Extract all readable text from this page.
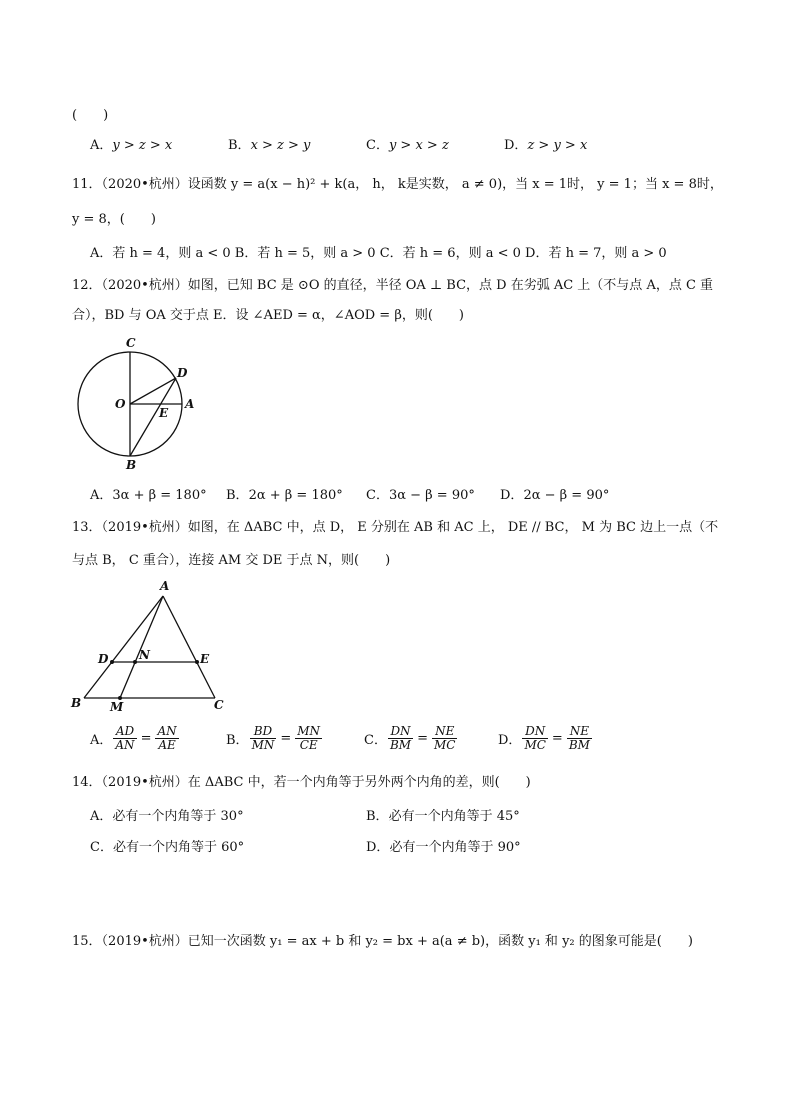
(　　)
A．y > z > x	B．x > z > y	C．y > x > z	D．z > y > x
11．（2020•杭州）设函数 y = a(x − h)² + k(a， h， k是实数， a ≠ 0)，当 x = 1时， y = 1；当 x = 8时，
y = 8，(　　)
A．若 h = 4，则 a < 0 B．若 h = 5，则 a > 0 C．若 h = 6，则 a < 0 D．若 h = 7，则 a > 0
12．（2020•杭州）如图，已知 BC 是 ⊙O 的直径，半径 OA ⊥ BC，点 D 在劣弧 AC 上（不与点 A，点 C 重
合），BD 与 OA 交于点 E．设 ∠AED = α，∠AOD = β，则(　　)
C
D
O	A
E
B
A．3α + β = 180° B．2α + β = 180° C．3α − β = 90° D．2α − β = 90°
13．（2019•杭州）如图，在 ΔABC 中，点 D， E 分别在 AB 和 AC 上， DE // BC， M 为 BC 边上一点（不
与点 B， C 重合），连接 AM 交 DE 于点 N，则(　　)
A
D	N	E
B M	C
A． $\frac{AD}{AN} = \frac{AN}{AE}$	B． $\frac{BD}{MN} = \frac{MN}{CE}$	C． $\frac{DN}{BM} = \frac{NE}{MC}$	D． $\frac{DN}{MC} = \frac{NE}{BM}$
14．（2019•杭州）在 ΔABC 中，若一个内角等于另外两个内角的差，则(　　)
A．必有一个内角等于 30°	B．必有一个内角等于 45°
C．必有一个内角等于 60°	D．必有一个内角等于 90°
15．（2019•杭州）已知一次函数 y₁ = ax + b 和 y₂ = bx + a(a ≠ b)，函数 y₁ 和 y₂ 的图象可能是(　　)
